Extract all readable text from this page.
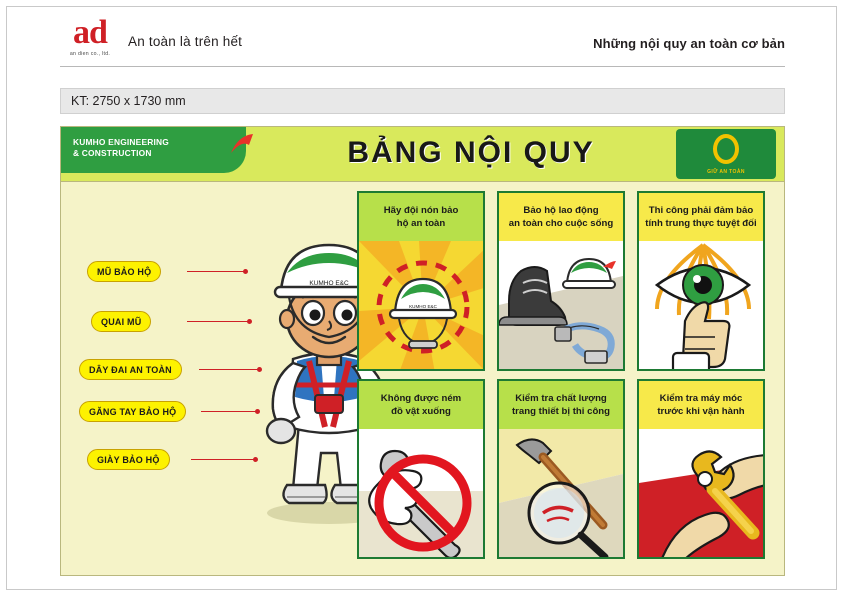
ad
an dien co., ltd.
An toàn là trên hết	Những nội quy an toàn cơ bản
KT: 2750 x 1730 mm
KUMHO ENGINEERING
& CONSTRUCTION	BẢNG NỘI QUY
GIỮ AN TOÀN
KUMHO E&C
MŨ BẢO HỘ
QUAI MŨ
DÂY ĐAI AN TOÀN
GĂNG TAY BẢO HỘ
GIÀY BẢO HỘ
Hãy đội nón bảo
hộ an toàn
KUMHO E&C
Bảo hộ lao động
an toàn cho cuộc sống
Thi công phải đảm bảo
tính trung thực tuyệt đối
Không được ném
đồ vật xuống
Kiểm tra chất lượng
trang thiết bị thi công
Kiểm tra máy móc
trước khi vận hành
